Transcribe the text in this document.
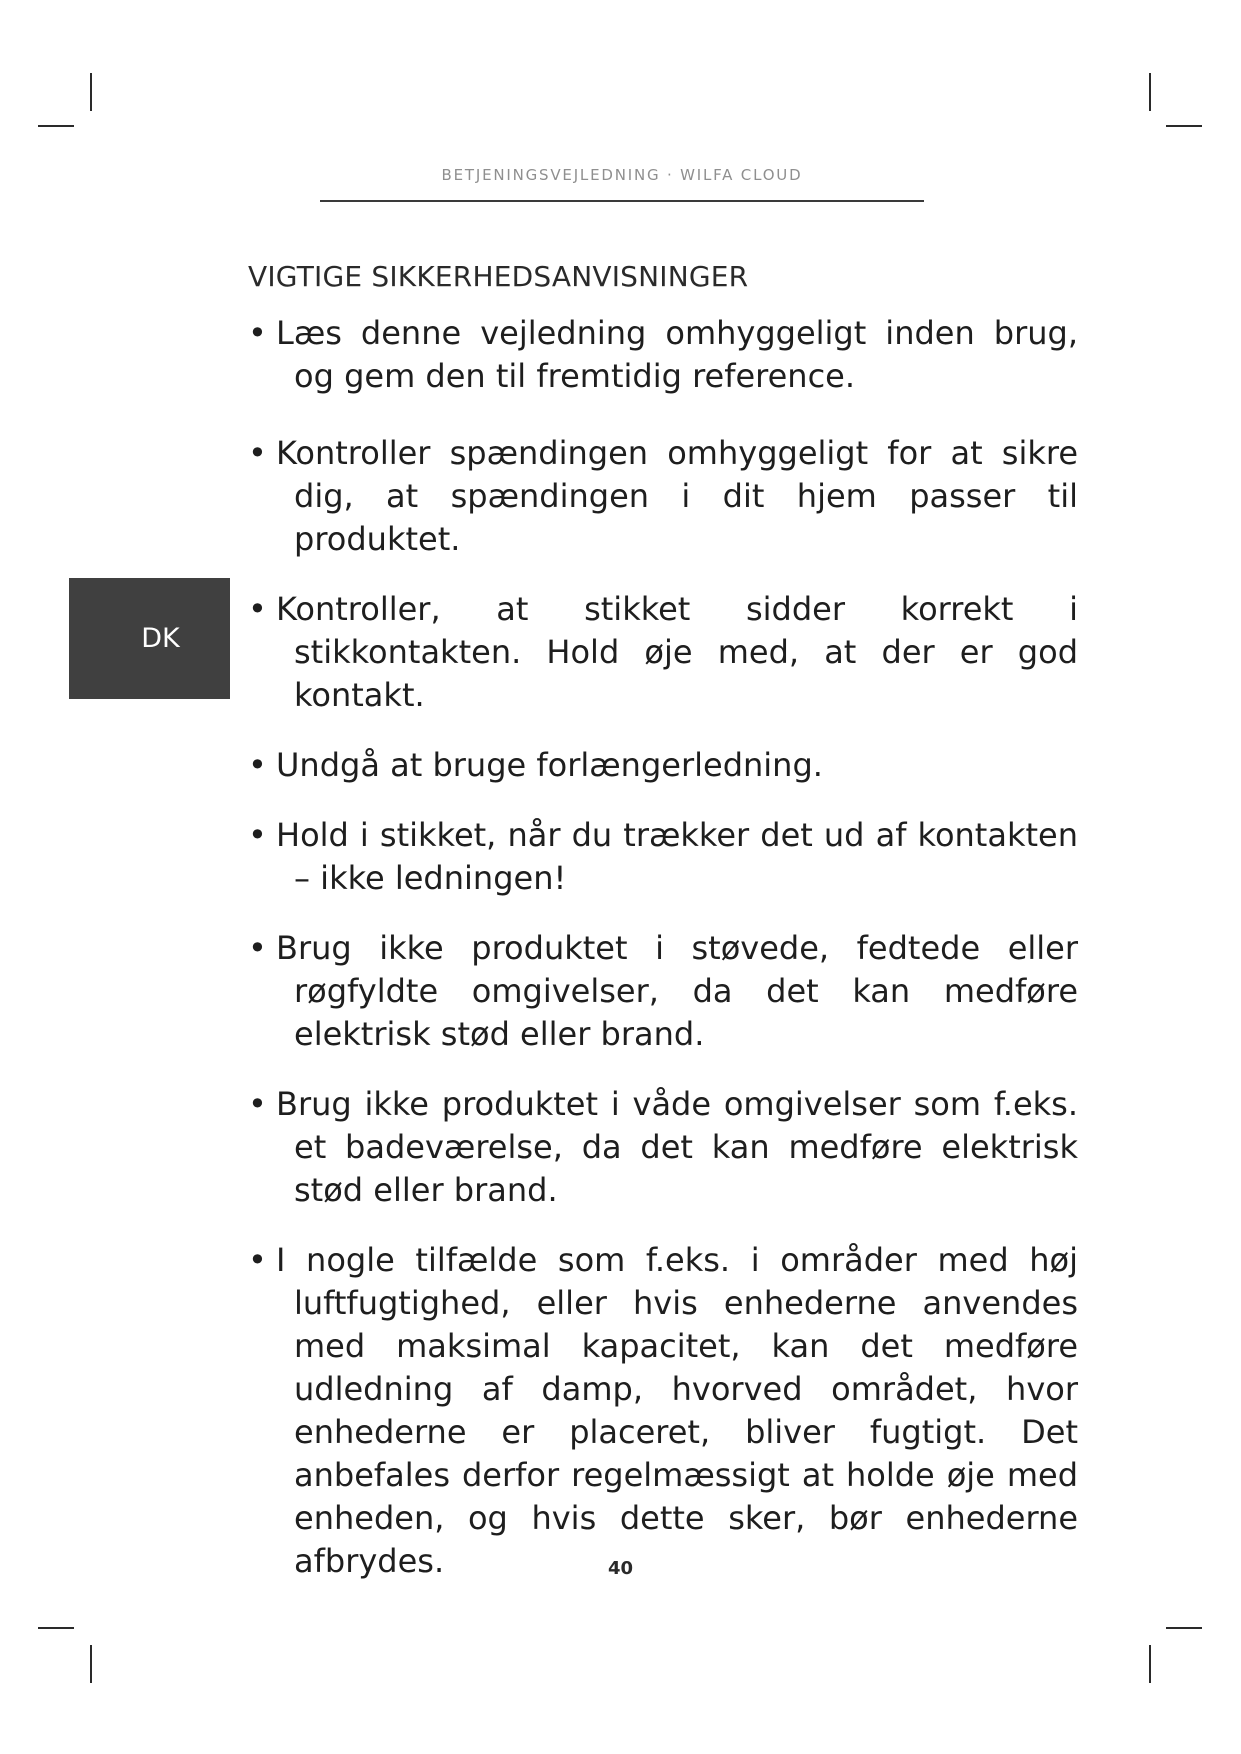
BETJENINGSVEJLEDNING · WILFA CLOUD
DK
VIGTIGE SIKKERHEDSANVISNINGER
• Læs denne vejledning omhyggeligt inden brug, og gem den til fremtidig reference.
• Kontroller spændingen omhyggeligt for at sikre dig, at spændingen i dit hjem passer til produktet.
• Kontroller, at stikket sidder korrekt i stikkontakten. Hold øje med, at der er god kontakt.
• Undgå at bruge forlængerledning.
• Hold i stikket, når du trækker det ud af kontakten – ikke ledningen!
• Brug ikke produktet i støvede, fedtede eller røgfyldte omgivelser, da det kan medføre elektrisk stød eller brand.
• Brug ikke produktet i våde omgivelser som f.eks. et badeværelse, da det kan medføre elektrisk stød eller brand.
• I nogle tilfælde som f.eks. i områder med høj luftfugtighed, eller hvis enhederne anvendes med maksimal kapacitet, kan det medføre udledning af damp, hvorved området, hvor enhederne er placeret, bliver fugtigt. Det anbefales derfor regelmæssigt at holde øje med enheden, og hvis dette sker, bør enhederne afbrydes.	40
